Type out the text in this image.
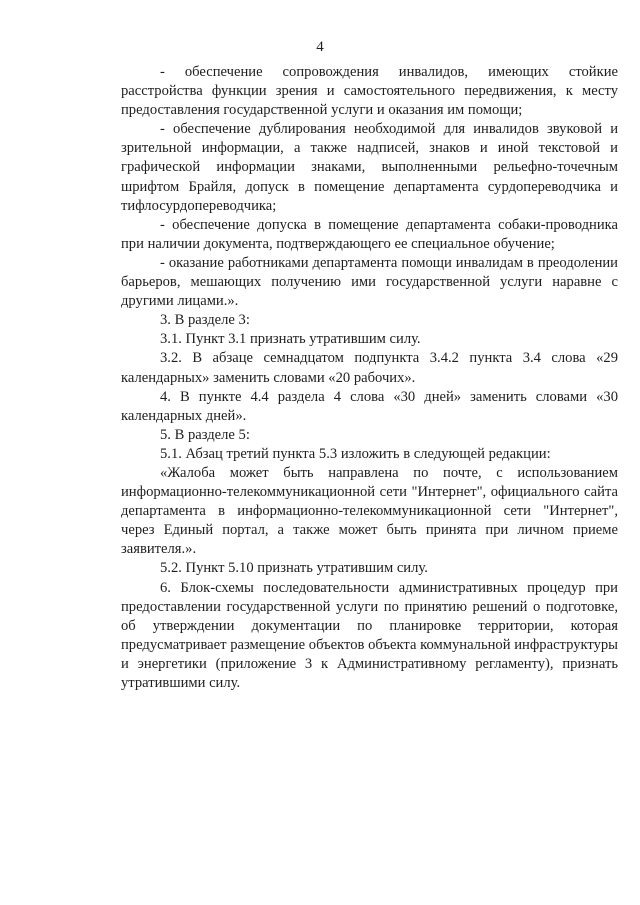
4

- обеспечение сопровождения инвалидов, имеющих стойкие расстройства функции зрения и самостоятельного передвижения, к месту предоставления государственной услуги и оказания им помощи;

- обеспечение дублирования необходимой для инвалидов звуковой и зрительной информации, а также надписей, знаков и иной текстовой и графической информации знаками, выполненными рельефно-точечным шрифтом Брайля, допуск в помещение департамента сурдопереводчика и тифлосурдопереводчика;

- обеспечение допуска в помещение департамента собаки-проводника при наличии документа, подтверждающего ее специальное обучение;

- оказание работниками департамента помощи инвалидам в преодолении барьеров, мешающих получению ими государственной услуги наравне с другими лицами.».

3. В разделе 3:

3.1. Пункт 3.1 признать утратившим силу.

3.2. В абзаце семнадцатом подпункта 3.4.2 пункта 3.4 слова «29 календарных» заменить словами «20 рабочих».

4. В пункте 4.4 раздела 4 слова «30 дней» заменить словами «30 календарных дней».

5. В разделе 5:

5.1. Абзац третий пункта 5.3 изложить в следующей редакции:

«Жалоба может быть направлена по почте, с использованием информационно-телекоммуникационной сети "Интернет", официального сайта департамента в информационно-телекоммуникационной сети "Интернет", через Единый портал, а также может быть принята при личном приеме заявителя.».

5.2. Пункт 5.10 признать утратившим силу.

6. Блок-схемы последовательности административных процедур при предоставлении государственной услуги по принятию решений о подготовке, об утверждении документации по планировке территории, которая предусматривает размещение объектов объекта коммунальной инфраструктуры и энергетики (приложение 3 к Административному регламенту), признать утратившими силу.
